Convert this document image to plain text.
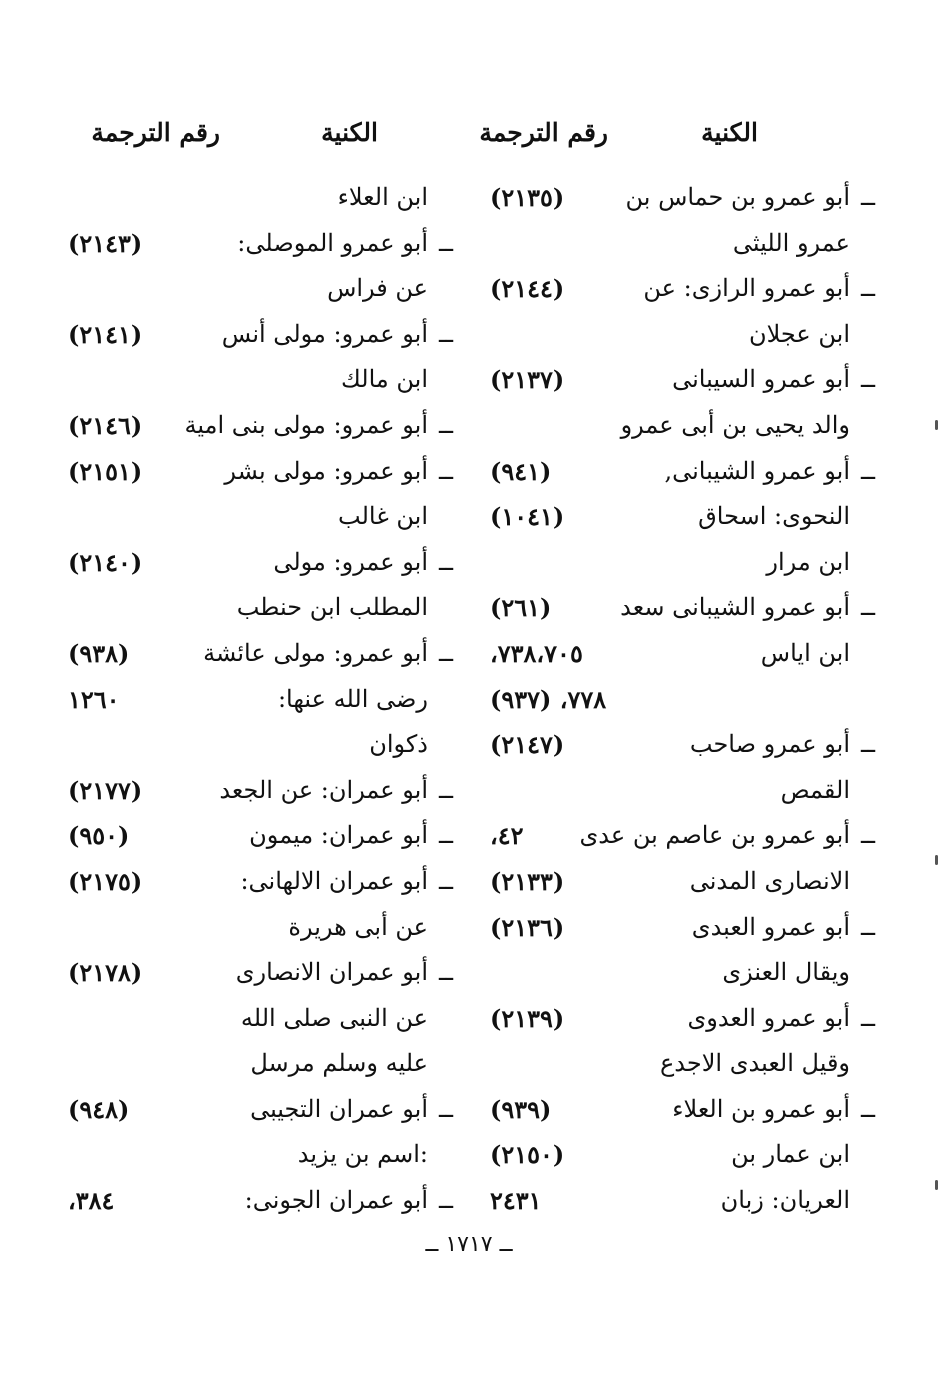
الكنية
رقم الترجمة
الكنية
رقم الترجمة
ــ
أبو عمرو بن حماس بن
(٢١٣٥)
عمرو الليثى
ــ
أبو عمرو الرازى: عن
(٢١٤٤)
ابن عجلان
ــ
أبو عمرو السيبانى
(٢١٣٧)
والد يحيى بن أبى عمرو
ــ
أبو عمرو الشيبانى,
(٩٤١)
النحوى: اسحاق
(١٠٤١)
ابن مرار
ــ
أبو عمرو الشيبانى سعد
(٢٦١)
ابن اياس
٧٣٨،٧٠٥،
٧٧٨، (٩٣٧)
ــ
أبو عمرو صاحب
(٢١٤٧)
القمص
ــ
أبو عمرو بن عاصم بن عدى
٤٢،
الانصارى المدنى
(٢١٣٣)
ــ
أبو عمرو العبدى
(٢١٣٦)
ويقال العنزى
ــ
أبو عمرو العدوى
(٢١٣٩)
وقيل العبدى الاجدع
ــ
أبو عمرو بن العلاء
(٩٣٩)
ابن عمار بن
(٢١٥٠)
العريان: زبان
٢٤٣١
ابن العلاء
ــ
أبو عمرو الموصلى:
(٢١٤٣)
عن فراس
ــ
أبو عمرو: مولى أنس
(٢١٤١)
ابن مالك
ــ
أبو عمرو: مولى بنى امية
(٢١٤٦)
ــ
أبو عمرو: مولى بشر
(٢١٥١)
ابن غالب
ــ
أبو عمرو: مولى
(٢١٤٠)
المطلب ابن حنطب
ــ
أبو عمرو: مولى عائشة
(٩٣٨)
رضى الله عنها:
١٢٦٠
ذكوان
ــ
أبو عمران: عن الجعد
(٢١٧٧)
ــ
أبو عمران: ميمون
(٩٥٠)
ــ
أبو عمران الالهانى:
(٢١٧٥)
عن أبى هريرة
ــ
أبو عمران الانصارى
(٢١٧٨)
عن النبى صلى الله
عليه وسلم مرسل
ــ
أبو عمران التجيبى
(٩٤٨)
:اسم بن يزيد
ــ
أبو عمران الجونى:
٣٨٤،
ــ ١٧١٧ ــ
